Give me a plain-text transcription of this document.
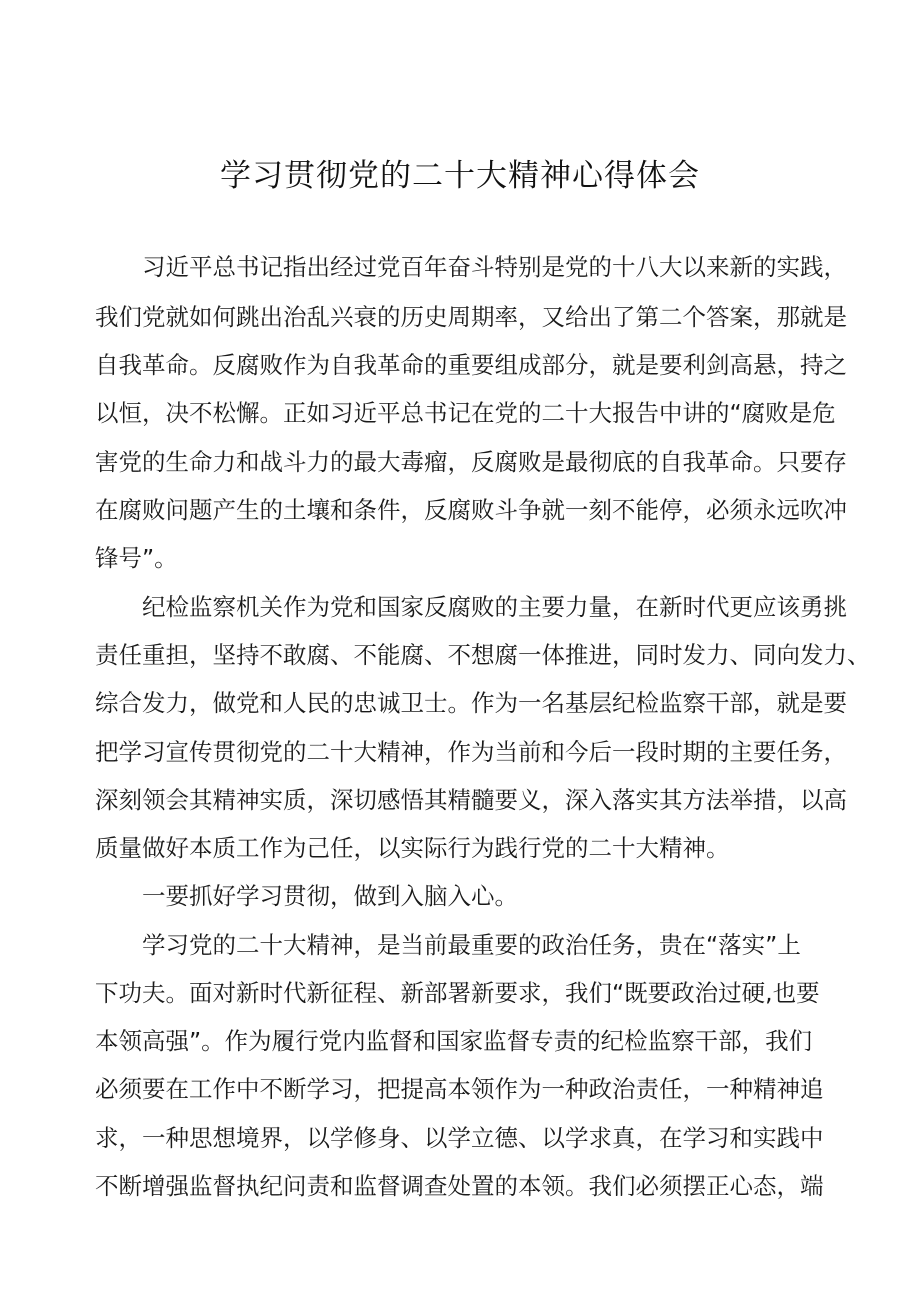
学习贯彻党的二十大精神心得体会
　　习近平总书记指出经过党百年奋斗特别是党的十八大以来新的实践，
我们党就如何跳出治乱兴衰的历史周期率，又给出了第二个答案，那就是
自我革命。反腐败作为自我革命的重要组成部分，就是要利剑高悬，持之
以恒，决不松懈。正如习近平总书记在党的二十大报告中讲的“腐败是危
害党的生命力和战斗力的最大毒瘤，反腐败是最彻底的自我革命。只要存
在腐败问题产生的土壤和条件，反腐败斗争就一刻不能停，必须永远吹冲
锋号”。
　　纪检监察机关作为党和国家反腐败的主要力量，在新时代更应该勇挑
责任重担，坚持不敢腐、不能腐、不想腐一体推进，同时发力、同向发力、
综合发力，做党和人民的忠诚卫士。作为一名基层纪检监察干部，就是要
把学习宣传贯彻党的二十大精神，作为当前和今后一段时期的主要任务，
深刻领会其精神实质，深切感悟其精髓要义，深入落实其方法举措，以高
质量做好本质工作为己任，以实际行为践行党的二十大精神。
　　一要抓好学习贯彻，做到入脑入心。
　　学习党的二十大精神，是当前最重要的政治任务，贵在“落实”上
下功夫。面对新时代新征程、新部署新要求，我们“既要政治过硬,也要
本领高强”。作为履行党内监督和国家监督专责的纪检监察干部，我们
必须要在工作中不断学习，把提高本领作为一种政治责任，一种精神追
求，一种思想境界，以学修身、以学立德、以学求真，在学习和实践中
不断增强监督执纪问责和监督调查处置的本领。我们必须摆正心态，端
